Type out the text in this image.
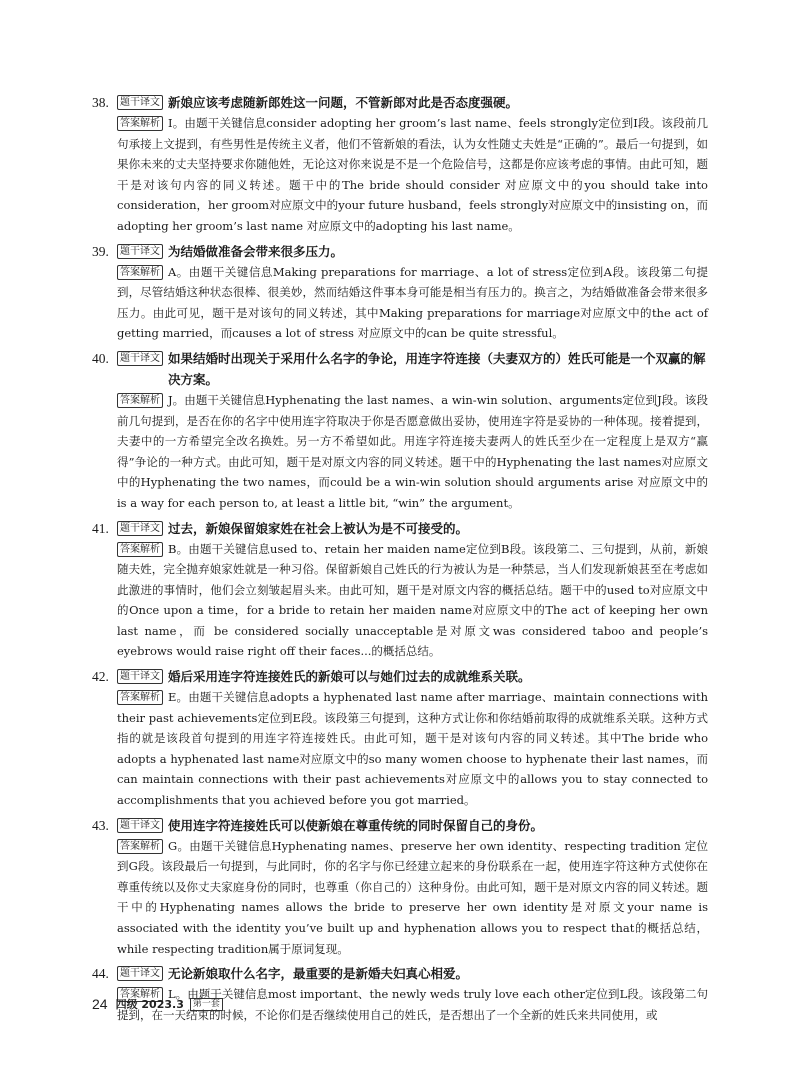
38.	题干译文 新娘应该考虑随新郎姓这一问题，不管新郎对此是否态度强硬。
答案解析 I。由题干关键信息consider adopting her groom’s last name、feels strongly定位到I段。该段前几句承接上文提到，有些男性是传统主义者，他们不管新娘的看法，认为女性随丈夫姓是“正确的”。最后一句提到，如果你未来的丈夫坚持要求你随他姓，无论这对你来说是不是一个危险信号，这都是你应该考虑的事情。由此可知，题干是对该句内容的同义转述。题干中的The bride should consider 对应原文中的you should take into consideration，her groom对应原文中的your future husband，feels strongly对应原文中的insisting on，而adopting her groom’s last name 对应原文中的adopting his last name。
39.	题干译文 为结婚做准备会带来很多压力。
答案解析 A。由题干关键信息Making preparations for marriage、a lot of stress定位到A段。该段第二句提到，尽管结婚这种状态很棒、很美妙，然而结婚这件事本身可能是相当有压力的。换言之，为结婚做准备会带来很多压力。由此可见，题干是对该句的同义转述，其中Making preparations for marriage对应原文中的the act of getting married，而causes a lot of stress 对应原文中的can be quite stressful。
40.	题干译文 如果结婚时出现关于采用什么名字的争论，用连字符连接（夫妻双方的）姓氏可能是一个双赢的解决方案。
答案解析 J。由题干关键信息Hyphenating the last names、a win-win solution、arguments定位到J段。该段前几句提到，是否在你的名字中使用连字符取决于你是否愿意做出妥协，使用连字符是妥协的一种体现。接着提到，夫妻中的一方希望完全改名换姓。另一方不希望如此。用连字符连接夫妻两人的姓氏至少在一定程度上是双方“赢得”争论的一种方式。由此可知，题干是对原文内容的同义转述。题干中的Hyphenating the last names对应原文中的Hyphenating the two names，而could be a win-win solution should arguments arise 对应原文中的is a way for each person to, at least a little bit, “win” the argument。
41.	题干译文 过去，新娘保留娘家姓在社会上被认为是不可接受的。
答案解析 B。由题干关键信息used to、retain her maiden name定位到B段。该段第二、三句提到，从前，新娘随夫姓，完全抛弃娘家姓就是一种习俗。保留新娘自己姓氏的行为被认为是一种禁忌，当人们发现新娘甚至在考虑如此激进的事情时，他们会立刻皱起眉头来。由此可知，题干是对原文内容的概括总结。题干中的used to对应原文中的Once upon a time，for a bride to retain her maiden name对应原文中的The act of keeping her own last name，而 be considered socially unacceptable是对原文was considered taboo and people’s eyebrows would raise right off their faces...的概括总结。
42.	题干译文 婚后采用连字符连接姓氏的新娘可以与她们过去的成就维系关联。
答案解析 E。由题干关键信息adopts a hyphenated last name after marriage、maintain connections with their past achievements定位到E段。该段第三句提到，这种方式让你和你结婚前取得的成就维系关联。这种方式指的就是该段首句提到的用连字符连接姓氏。由此可知，题干是对该句内容的同义转述。其中The bride who adopts a hyphenated last name对应原文中的so many women choose to hyphenate their last names，而can maintain connections with their past achievements对应原文中的allows you to stay connected to accomplishments that you achieved before you got married。
43.	题干译文 使用连字符连接姓氏可以使新娘在尊重传统的同时保留自己的身份。
答案解析 G。由题干关键信息Hyphenating names、preserve her own identity、respecting tradition 定位到G段。该段最后一句提到，与此同时，你的名字与你已经建立起来的身份联系在一起，使用连字符这种方式使你在尊重传统以及你丈夫家庭身份的同时，也尊重（你自己的）这种身份。由此可知，题干是对原文内容的同义转述。题干中的Hyphenating names allows the bride to preserve her own identity是对原文your name is associated with the identity you’ve built up and hyphenation allows you to respect that的概括总结，while respecting tradition属于原词复现。
44.	题干译文 无论新娘取什么名字，最重要的是新婚夫妇真心相爱。
答案解析 L。由题干关键信息most important、the newly weds truly love each other定位到L段。该段第二句提到，在一天结束的时候，不论你们是否继续使用自己的姓氏，是否想出了一个全新的姓氏来共同使用，或
24 四级 2023.3	第一套
